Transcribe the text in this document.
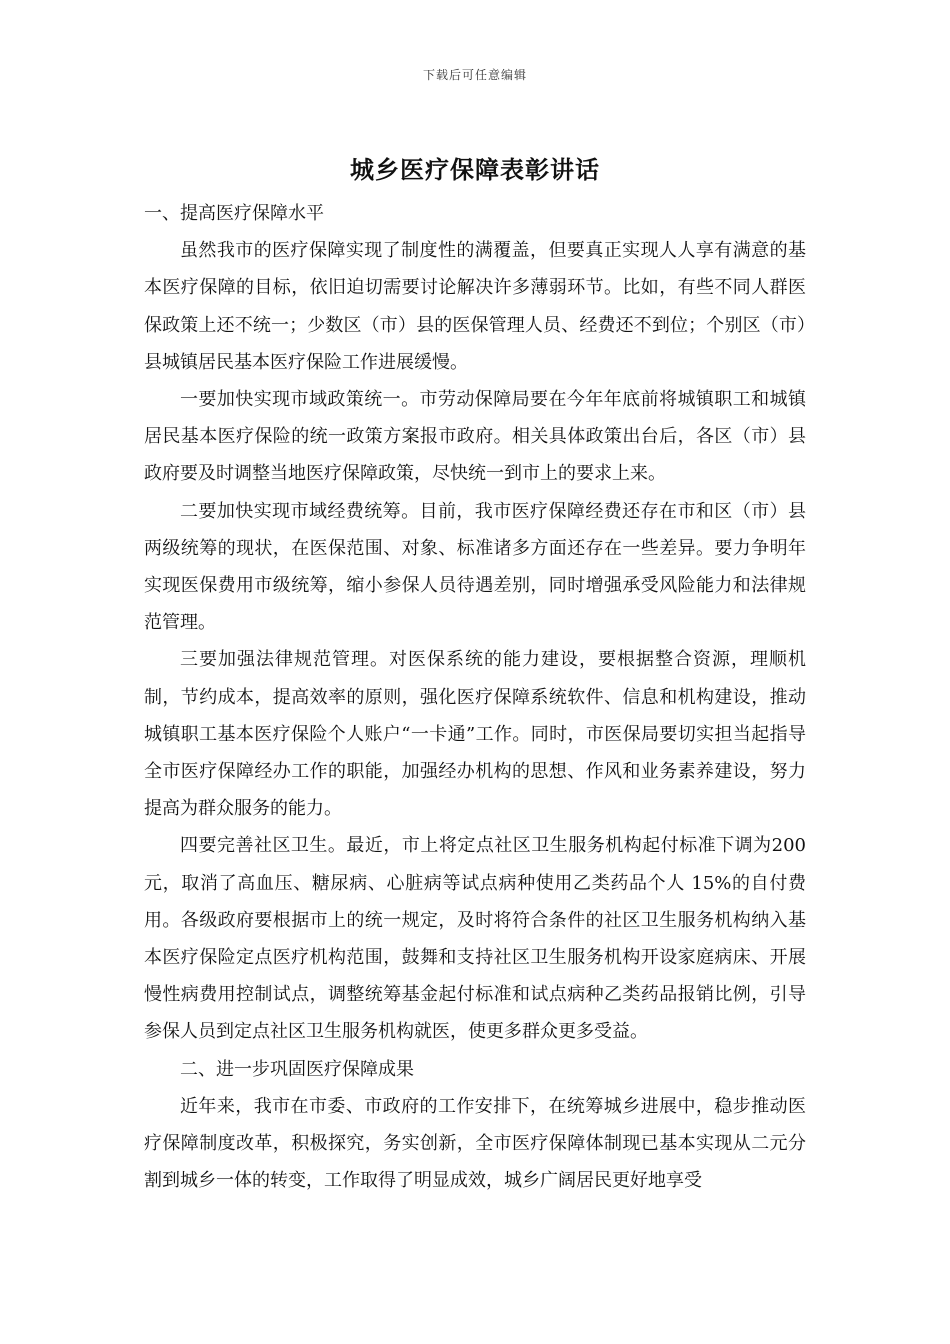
下载后可任意编辑
城乡医疗保障表彰讲话

一、提高医疗保障水平

虽然我市的医疗保障实现了制度性的满覆盖，但要真正实现人人享有满意的基本医疗保障的目标，依旧迫切需要讨论解决许多薄弱环节。比如，有些不同人群医保政策上还不统一；少数区（市）县的医保管理人员、经费还不到位；个别区（市）县城镇居民基本医疗保险工作进展缓慢。

一要加快实现市域政策统一。市劳动保障局要在今年年底前将城镇职工和城镇居民基本医疗保险的统一政策方案报市政府。相关具体政策出台后，各区（市）县政府要及时调整当地医疗保障政策，尽快统一到市上的要求上来。

二要加快实现市域经费统筹。目前，我市医疗保障经费还存在市和区（市）县两级统筹的现状，在医保范围、对象、标准诸多方面还存在一些差异。要力争明年实现医保费用市级统筹，缩小参保人员待遇差别，同时增强承受风险能力和法律规范管理。

三要加强法律规范管理。对医保系统的能力建设，要根据整合资源，理顺机制，节约成本，提高效率的原则，强化医疗保障系统软件、信息和机构建设，推动城镇职工基本医疗保险个人账户“一卡通”工作。同时，市医保局要切实担当起指导全市医疗保障经办工作的职能，加强经办机构的思想、作风和业务素养建设，努力提高为群众服务的能力。

四要完善社区卫生。最近，市上将定点社区卫生服务机构起付标准下调为200元，取消了高血压、糖尿病、心脏病等试点病种使用乙类药品个人 15%的自付费用。各级政府要根据市上的统一规定，及时将符合条件的社区卫生服务机构纳入基本医疗保险定点医疗机构范围，鼓舞和支持社区卫生服务机构开设家庭病床、开展慢性病费用控制试点，调整统筹基金起付标准和试点病种乙类药品报销比例，引导参保人员到定点社区卫生服务机构就医，使更多群众更多受益。

二、进一步巩固医疗保障成果

近年来，我市在市委、市政府的工作安排下，在统筹城乡进展中，稳步推动医疗保障制度改革，积极探究，务实创新，全市医疗保障体制现已基本实现从二元分割到城乡一体的转变，工作取得了明显成效，城乡广阔居民更好地享受
